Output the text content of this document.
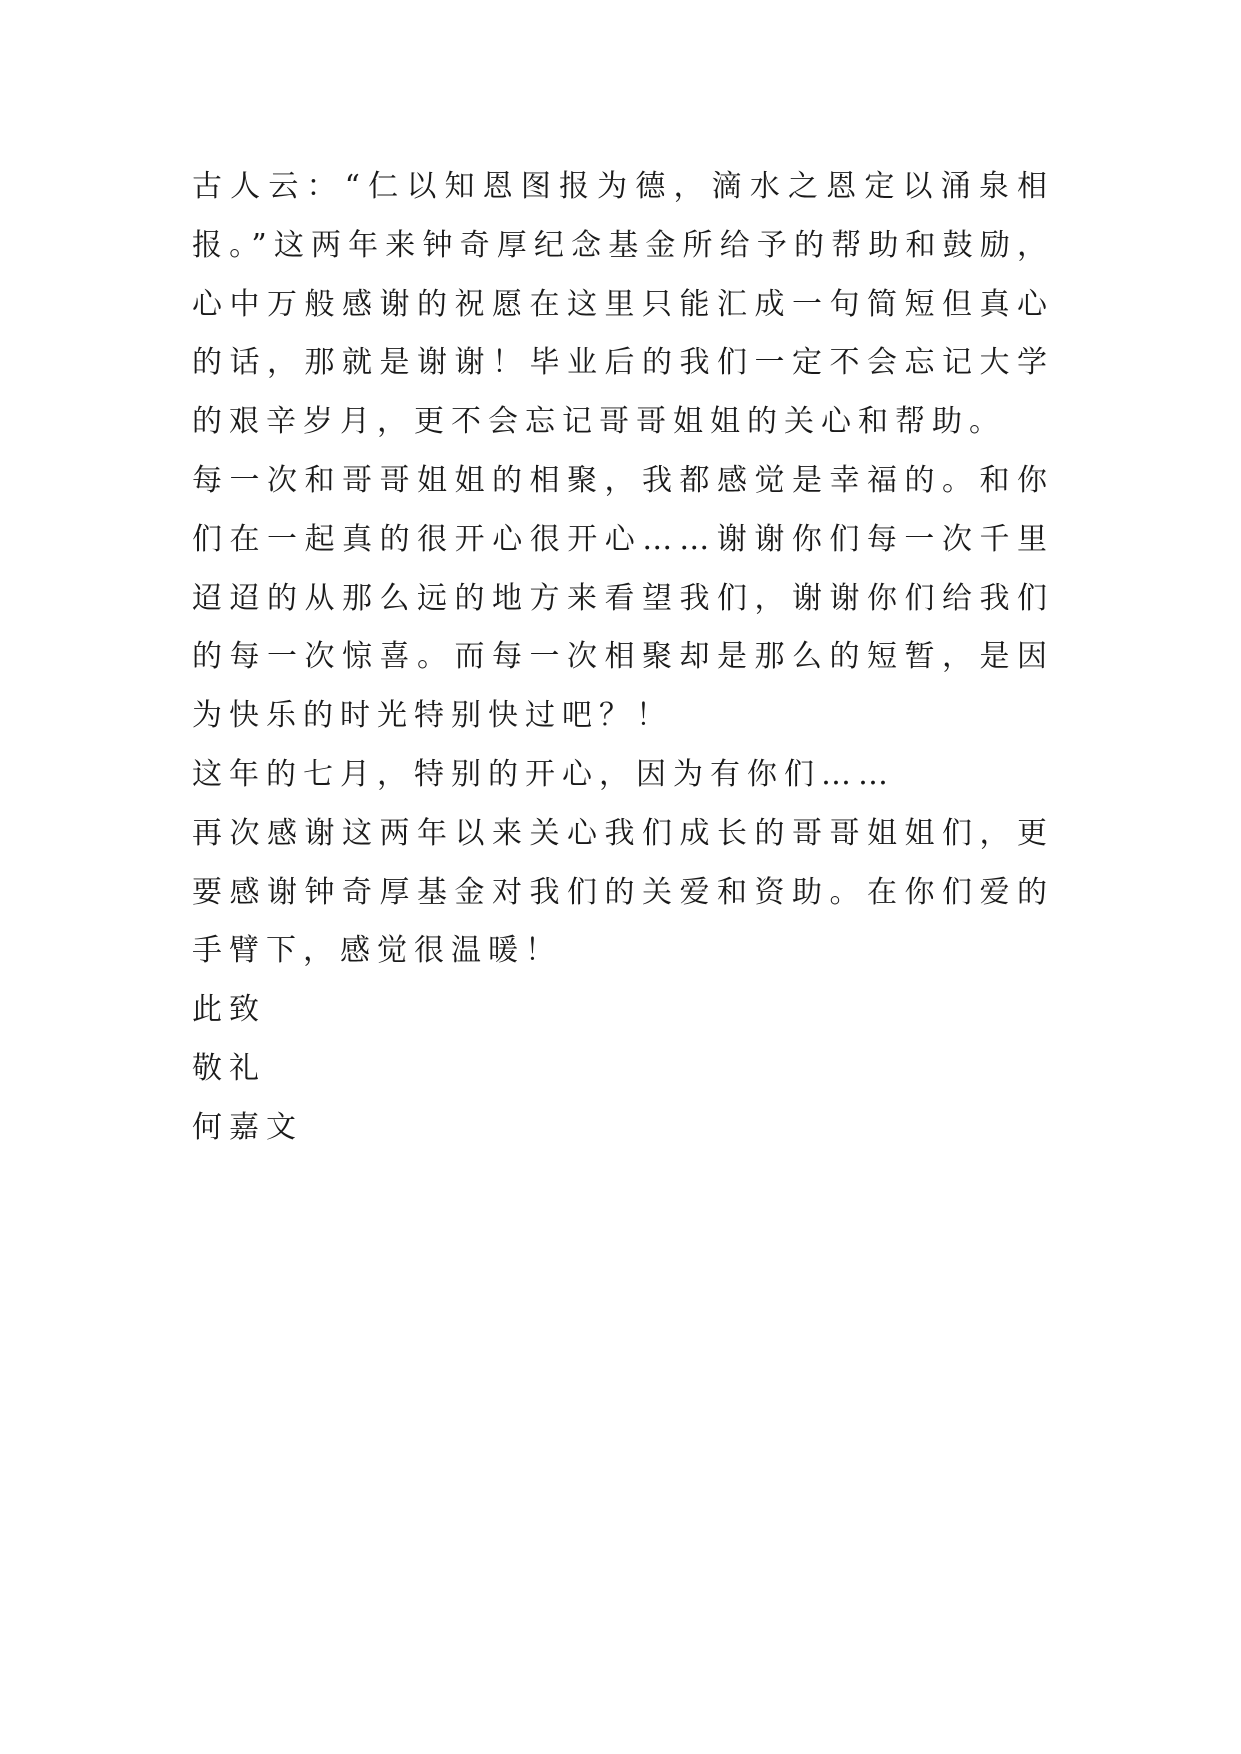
古人云：“仁以知恩图报为德，滴水之恩定以涌泉相报。”这两年来钟奇厚纪念基金所给予的帮助和鼓励，心中万般感谢的祝愿在这里只能汇成一句简短但真心的话，那就是谢谢！毕业后的我们一定不会忘记大学的艰辛岁月，更不会忘记哥哥姐姐的关心和帮助。

每一次和哥哥姐姐的相聚，我都感觉是幸福的。和你们在一起真的很开心很开心……谢谢你们每一次千里迢迢的从那么远的地方来看望我们，谢谢你们给我们的每一次惊喜。而每一次相聚却是那么的短暂，是因为快乐的时光特别快过吧？！

这年的七月，特别的开心，因为有你们……

再次感谢这两年以来关心我们成长的哥哥姐姐们，更要感谢钟奇厚基金对我们的关爱和资助。在你们爱的手臂下，感觉很温暖！

此致

敬礼

何嘉文
